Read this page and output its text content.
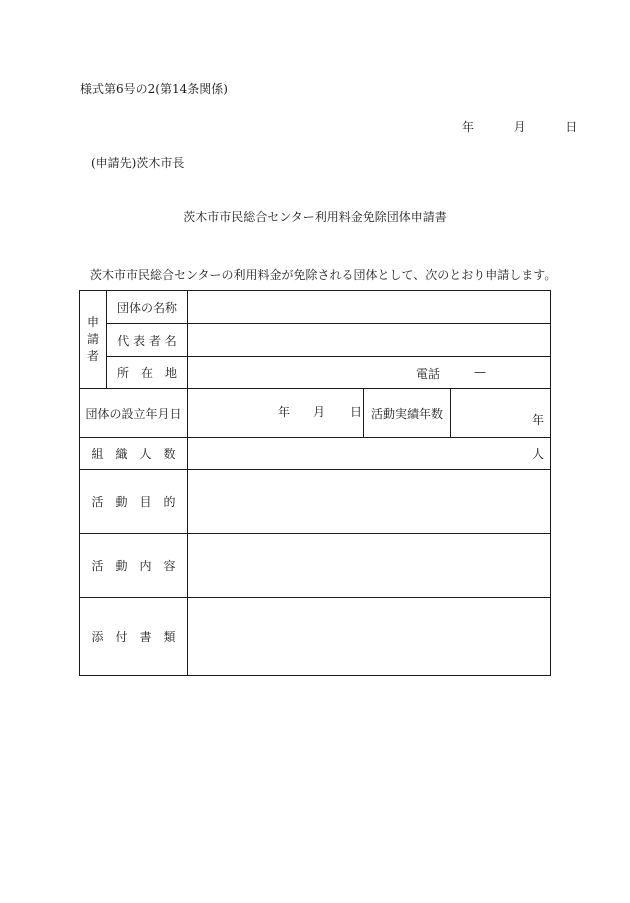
様式第6号の2(第14条関係)
年	月	日
(申請先)茨木市長
茨木市市民総合センター利用料金免除団体申請書
茨木市市民総合センターの利用料金が免除される団体として、次のとおり申請します。
申
請
者	団体の名称			
	代 表 者 名			
	所　在　地	電話 —		

団体の設立年月日		年 月 日	活動実績年数	年

組　織　人　数		人		
活　動　目　的				
活　動　内　容				
添　付　書　類				
